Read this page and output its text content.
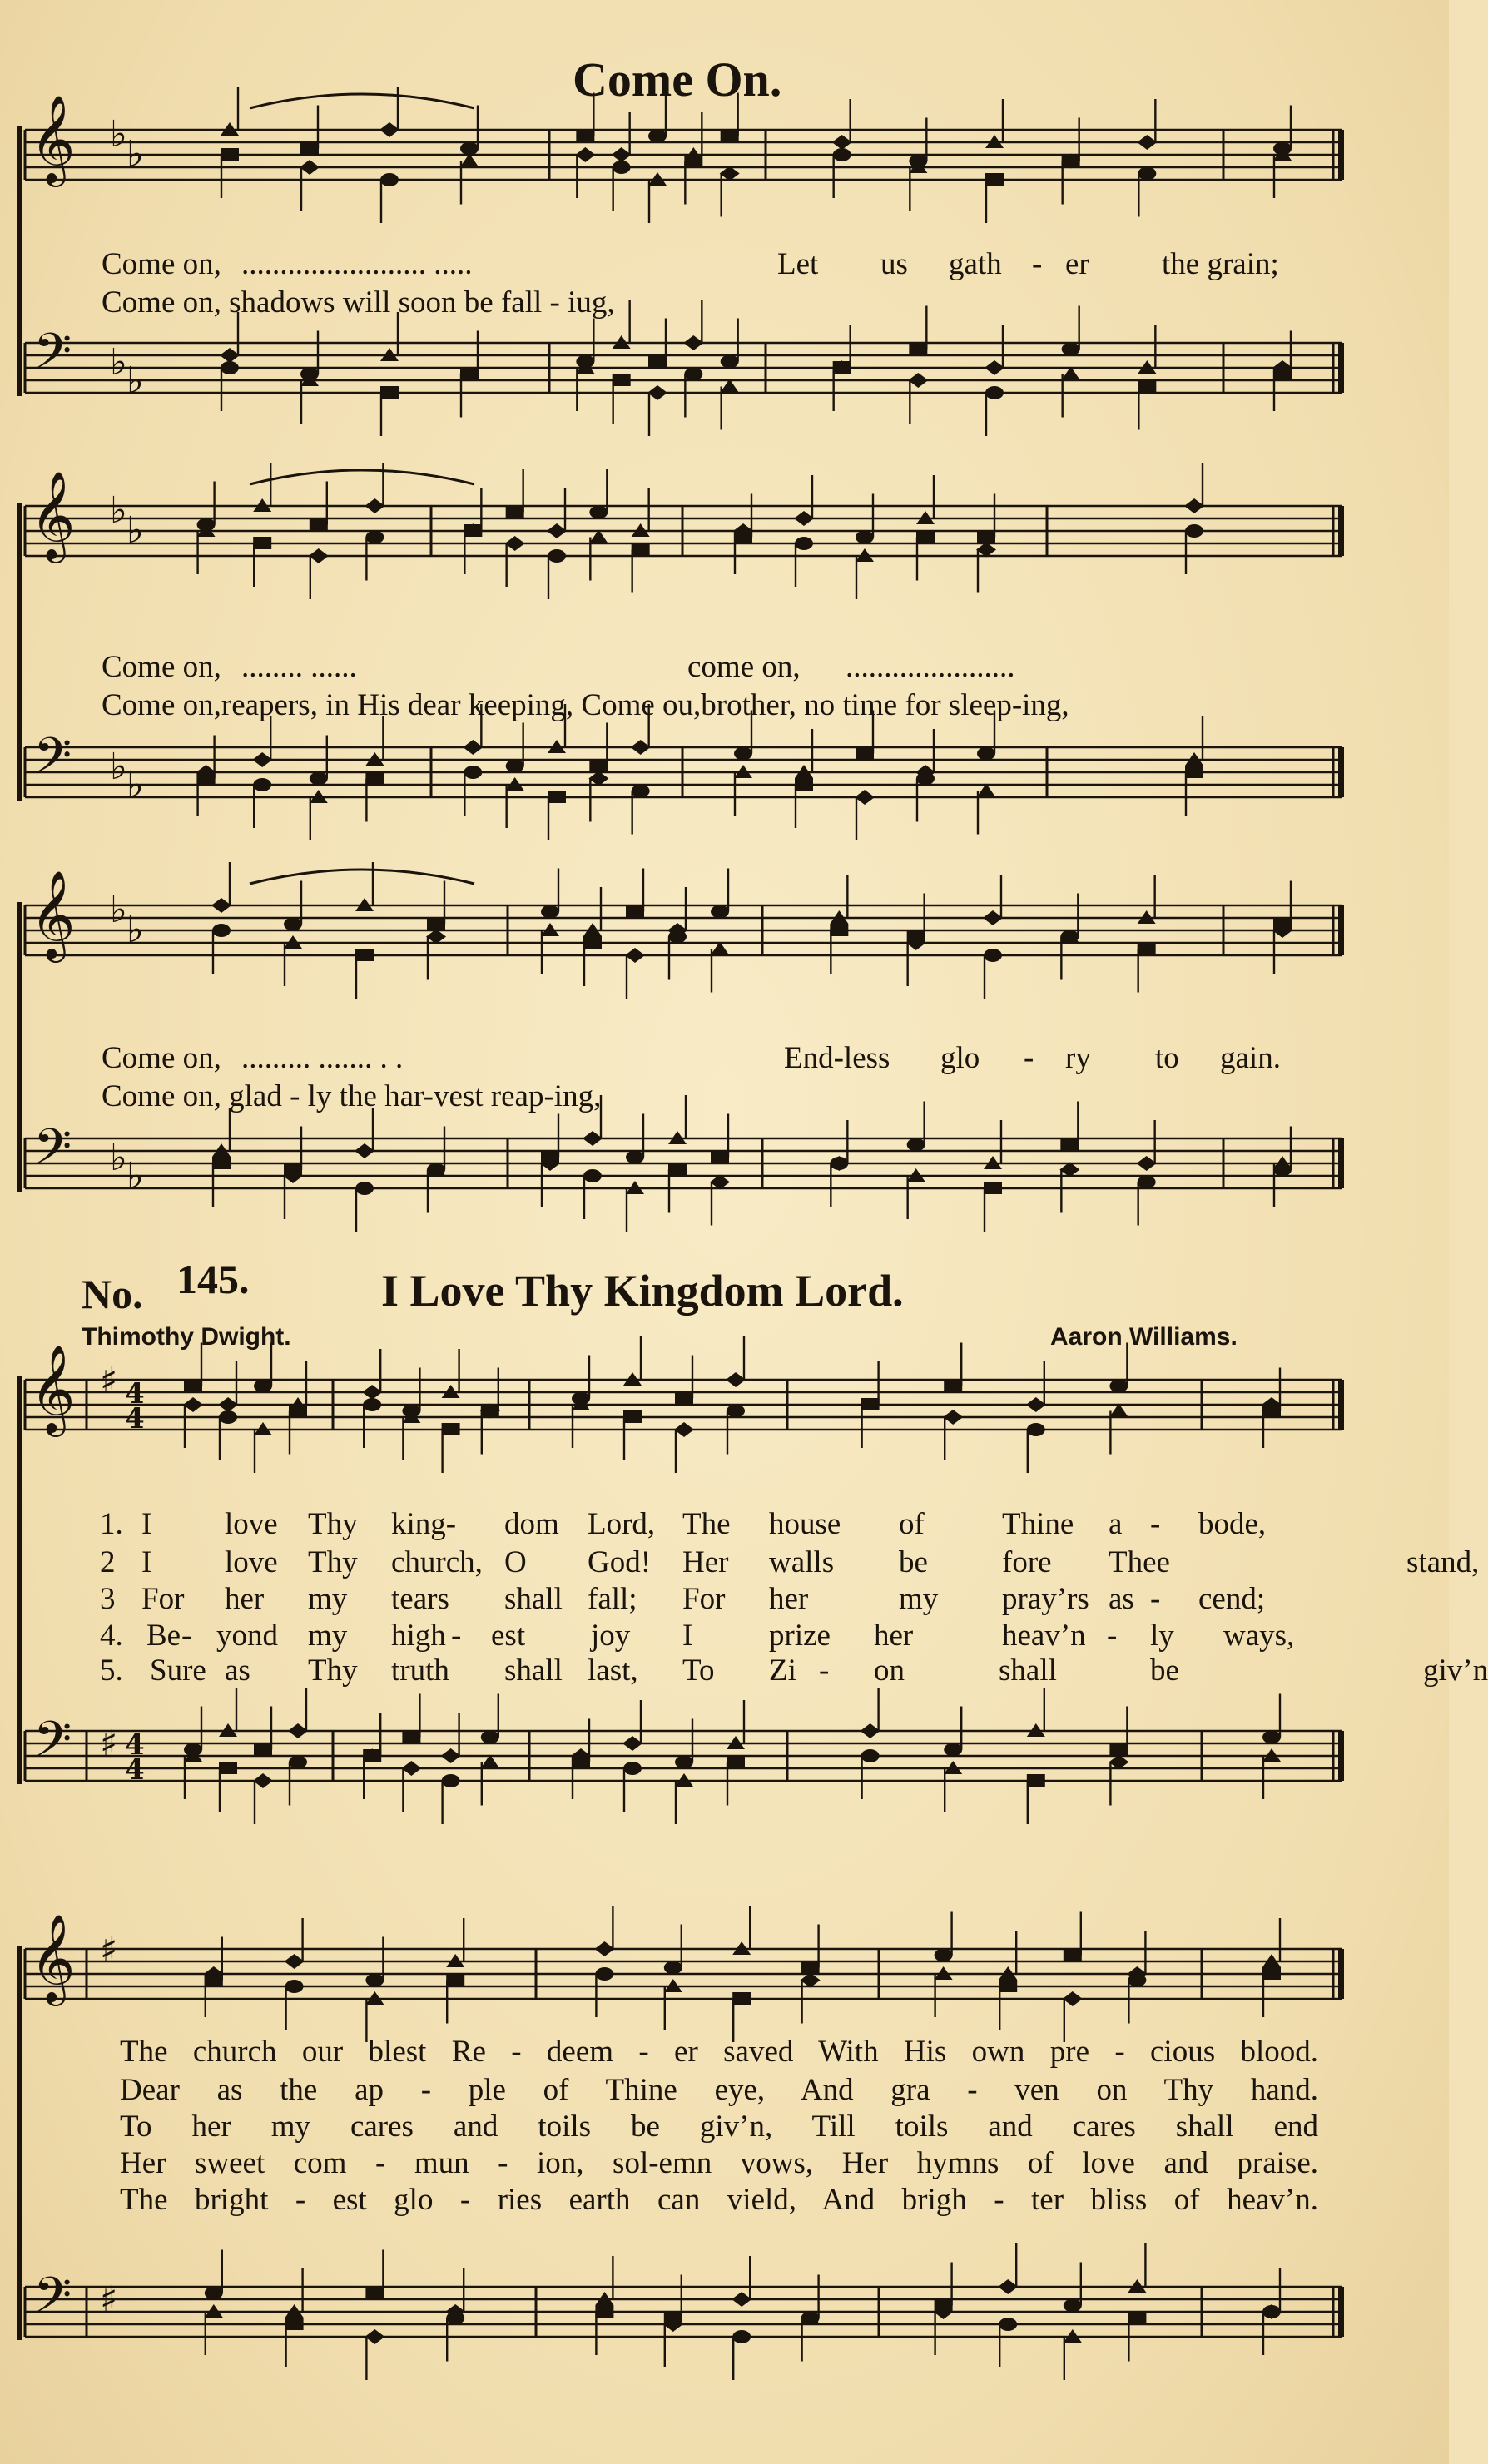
𝄞
𝄢
♭ ♭
♭ ♭
𝄞
𝄢
♭ ♭
♭ ♭
𝄞
𝄢
♭ ♭
♭ ♭
𝄞
𝄢
♯
♯
4
4
4
4
𝄞
𝄢
♯
♯
Come On.
Come on, ........................ .....	Let us gath - er the grain;
Come on, shadows will soon be fall - iug,
Come on, ........ ......	come on, ......................
Come on,reapers, in His dear keeping, Come ou,brother, no time for sleep-ing,
Come on, ......... ....... . .	End-less glo - ry to gain.
Come on, glad - ly the har-vest reap-ing,
No. 145.	I Love Thy Kingdom Lord.
Thimothy Dwight.	Aaron Williams.
1. I love Thy king- dom Lord, The house of	Thine a - bode,
2 I love Thy church, O God! Her walls be fore Thee	stand,
3 For her my tears shall fall; For her	my pray’rs as - cend;
4. Be - yond my high - est joy I prize her	heav’n - ly ways,
5. Sure as Thy truth shall last, To Zi - on	shall	be	giv’n
The church our blest Re - deem - er saved With His own pre - cious blood.
Dear as the ap - ple of Thine eye, And gra - ven on Thy hand.
To her my cares and toils be giv’n, Till toils and cares shall end
Her sweet com - mun - ion, sol-emn vows, Her hymns of love and praise.
The bright - est glo - ries earth can vield, And brigh - ter bliss of heav’n.
